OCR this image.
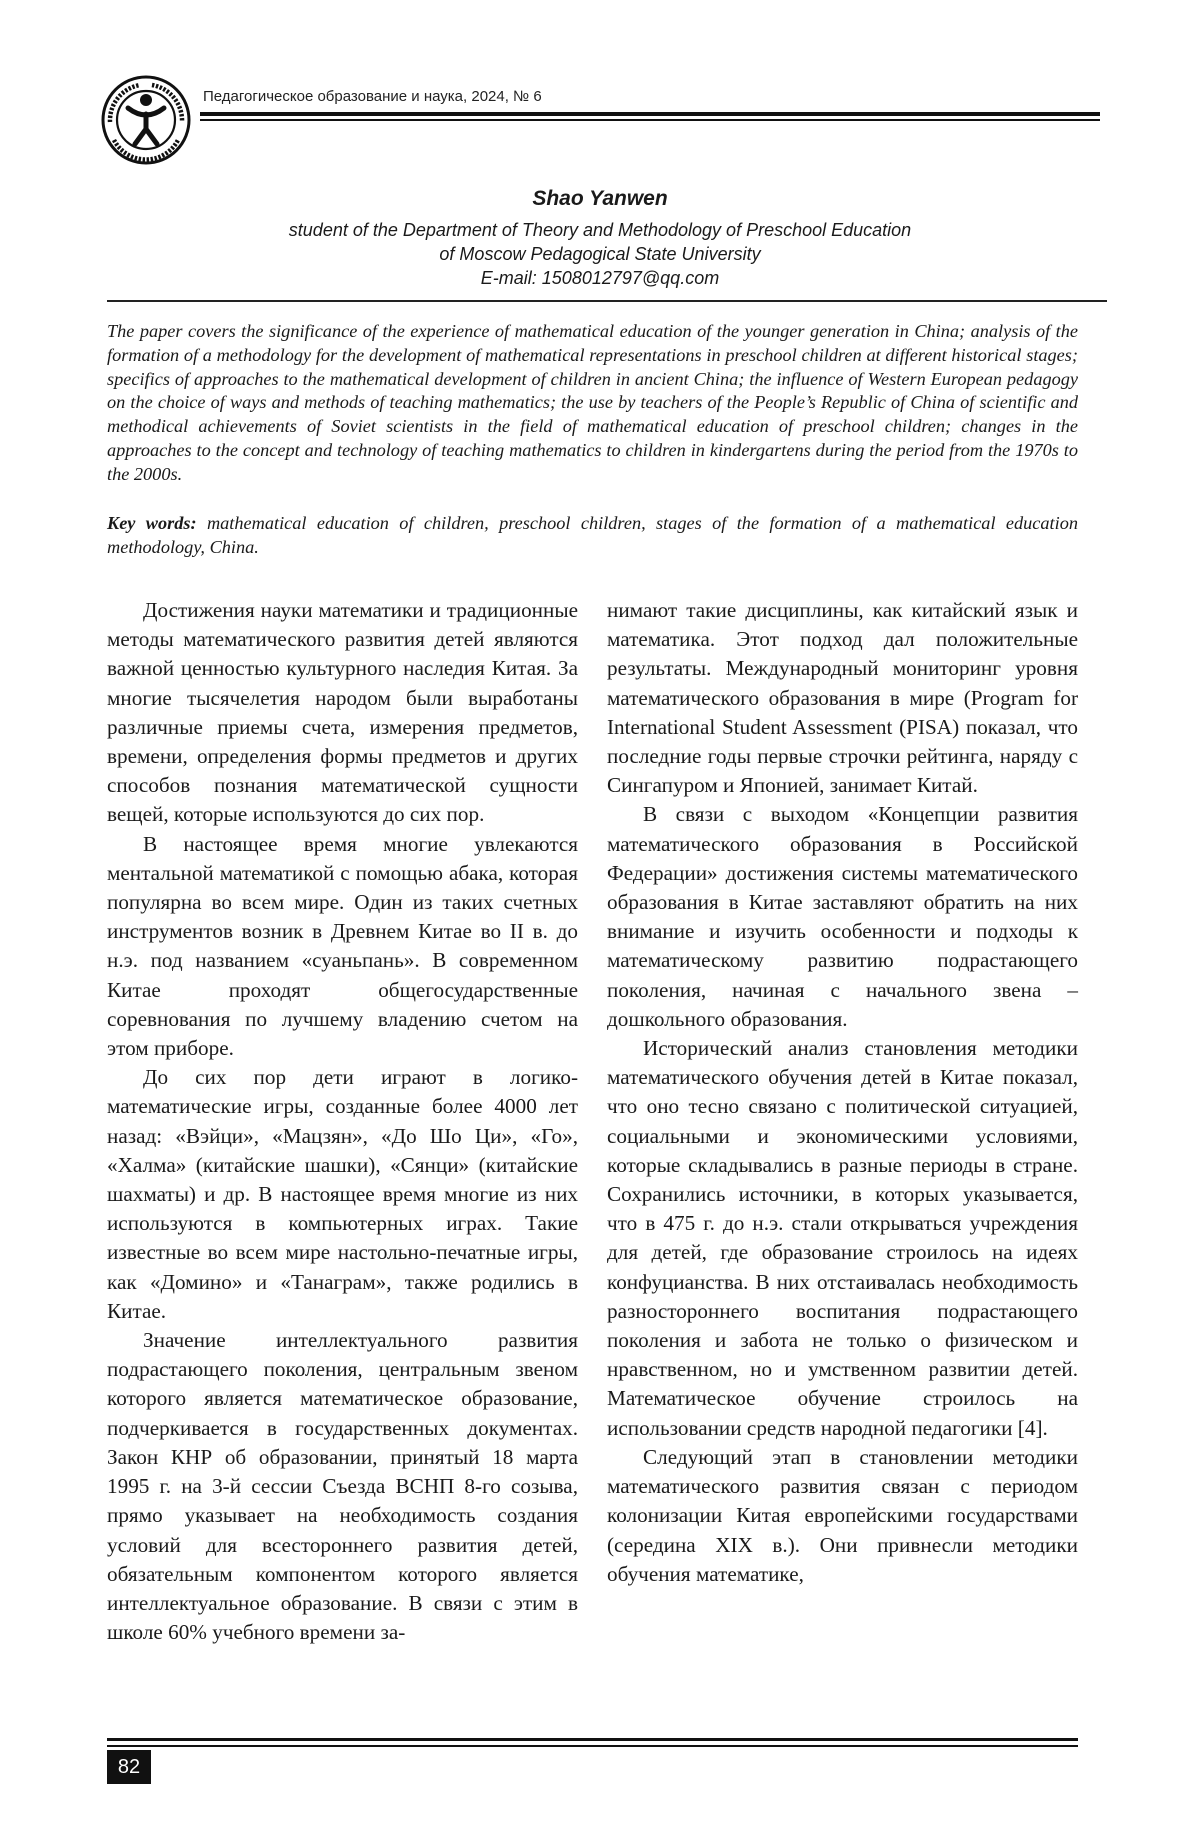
Педагогическое образование и наука, 2024, № 6
Shao Yanwen
student of the Department of Theory and Methodology of Preschool Education
of Moscow Pedagogical State University
E-mail: 1508012797@qq.com

The paper covers the significance of the experience of mathematical education of the younger generation in China; analysis of the formation of a methodology for the development of mathematical representations in preschool children at different historical stages; specifics of approaches to the mathematical development of children in ancient China; the influence of Western European pedagogy on the choice of ways and methods of teaching mathematics; the use by teachers of the People’s Republic of China of scientific and methodical achievements of Soviet scientists in the field of mathematical education of preschool children; changes in the approaches to the concept and technology of teaching mathematics to children in kindergartens during the period from the 1970s to the 2000s.

Key words: mathematical education of children, preschool children, stages of the formation of a mathematical education methodology, China.

Достижения науки математики и традиционные методы математического развития детей являются важной ценностью культурного наследия Китая. За многие тысячелетия народом были выработаны различные приемы счета, измерения предметов, времени, определения формы предметов и других способов познания математической сущности вещей, которые используются до сих пор.

В настоящее время многие увлекаются ментальной математикой с помощью абака, которая популярна во всем мире. Один из таких счетных инструментов возник в Древнем Китае во II в. до н.э. под названием «суаньпань». В современном Китае проходят общегосударственные соревнования по лучшему владению счетом на этом приборе.

До сих пор дети играют в логико-математические игры, созданные более 4000 лет назад: «Вэйци», «Мацзян», «До Шо Ци», «Го», «Халма» (китайские шашки), «Сянци» (китайские шахматы) и др. В настоящее время многие из них используются в компьютерных играх. Такие известные во всем мире настольно-печатные игры, как «Домино» и «Танаграм», также родились в Китае.

Значение интеллектуального развития подрастающего поколения, центральным звеном которого является математическое образование, подчеркивается в государственных документах. Закон КНР об образовании, принятый 18 марта 1995 г. на 3-й сессии Съезда ВСНП 8-го созыва, прямо указывает на необходимость создания условий для всестороннего развития детей, обязательным компонентом которого является интеллектуальное образование. В связи с этим в школе 60% учебного времени за-

нимают такие дисциплины, как китайский язык и математика. Этот подход дал положительные результаты. Международный мониторинг уровня математического образования в мире (Program for International Student Assessment (PISA) показал, что последние годы первые строчки рейтинга, наряду с Сингапуром и Японией, занимает Китай.

В связи с выходом «Концепции развития математического образования в Российской Федерации» достижения системы математического образования в Китае заставляют обратить на них внимание и изучить особенности и подходы к математическому развитию подрастающего поколения, начиная с начального звена – дошкольного образования.

Исторический анализ становления методики математического обучения детей в Китае показал, что оно тесно связано с политической ситуацией, социальными и экономическими условиями, которые складывались в разные периоды в стране. Сохранились источники, в которых указывается, что в 475 г. до н.э. стали открываться учреждения для детей, где образование строилось на идеях конфуцианства. В них отстаивалась необходимость разностороннего воспитания подрастающего поколения и забота не только о физическом и нравственном, но и умственном развитии детей. Математическое обучение строилось на использовании средств народной педагогики [4].

Следующий этап в становлении методики математического развития связан с периодом колонизации Китая европейскими государствами (середина XIX в.). Они привнесли методики обучения математике,

82
